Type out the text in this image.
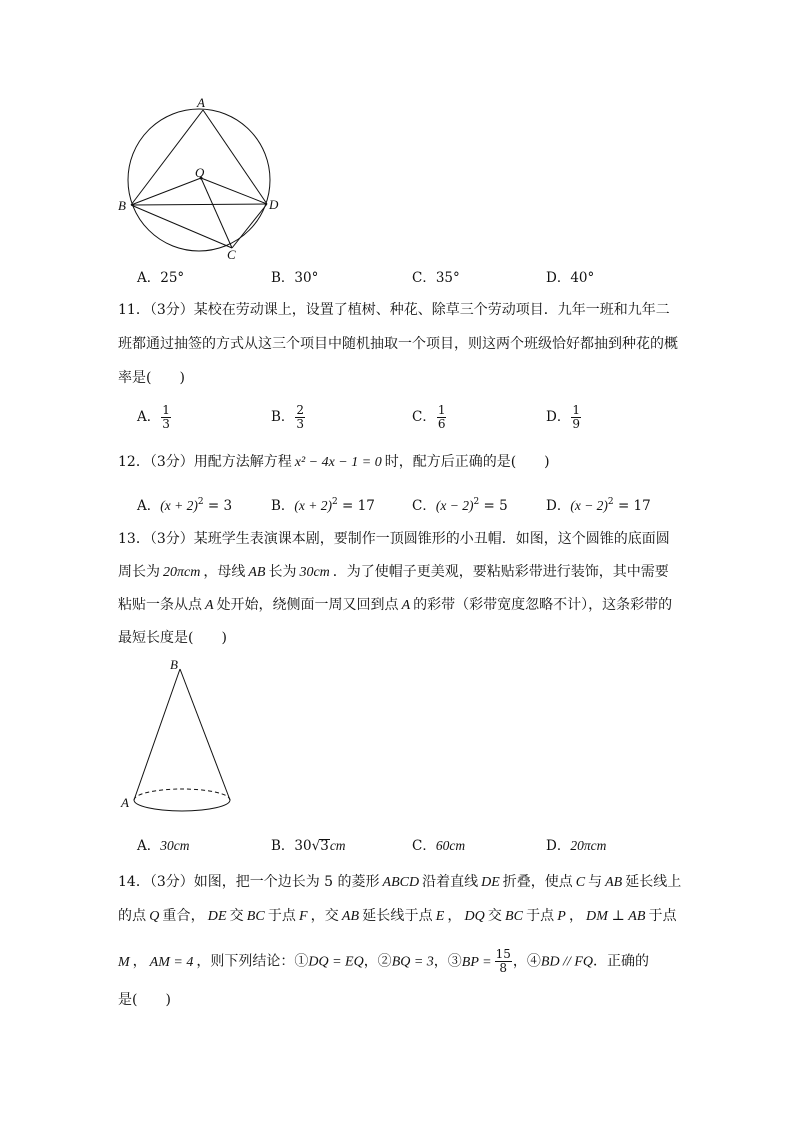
A
O
B	D
C
A．25°	B．30°	C．35°	D．40°
11．（3分）某校在劳动课上，设置了植树、种花、除草三个劳动项目．九年一班和九年二
班都通过抽签的方式从这三个项目中随机抽取一个项目，则这两个班级恰好都抽到种花的概
率是(　　)
A． $\frac{1}{3}$	B． $\frac{2}{3}$	C． $\frac{1}{6}$	D． $\frac{1}{9}$
12．（3分）用配方法解方程 x² − 4x − 1 = 0 时，配方后正确的是(　　)
A．$(x + 2)^2 = 3$	B．$(x + 2)^2 = 17$	C．$(x - 2)^2 = 5$	D．$(x - 2)^2 = 17$
13．（3分）某班学生表演课本剧，要制作一顶圆锥形的小丑帽．如图，这个圆锥的底面圆
周长为 20πcm ，母线 AB 长为 30cm ．为了使帽子更美观，要粘贴彩带进行装饰，其中需要
粘贴一条从点 A 处开始，绕侧面一周又回到点 A 的彩带（彩带宽度忽略不计），这条彩带的
最短长度是(　　)
B
A
A．30cm	B．30√3cm	C．60cm	D．20πcm
14．（3分）如图，把一个边长为 5 的菱形 ABCD 沿着直线 DE 折叠，使点 C 与 AB 延长线上
的点 Q 重合， DE 交 BC 于点 F ，交 AB 延长线于点 E ， DQ 交 BC 于点 P ， DM ⊥ AB 于点
M ， AM = 4 ，则下列结论：①DQ = EQ，②BQ = 3，③BP = $\frac{15}{8}$ ，④BD // FQ．正确的
是(　　)
